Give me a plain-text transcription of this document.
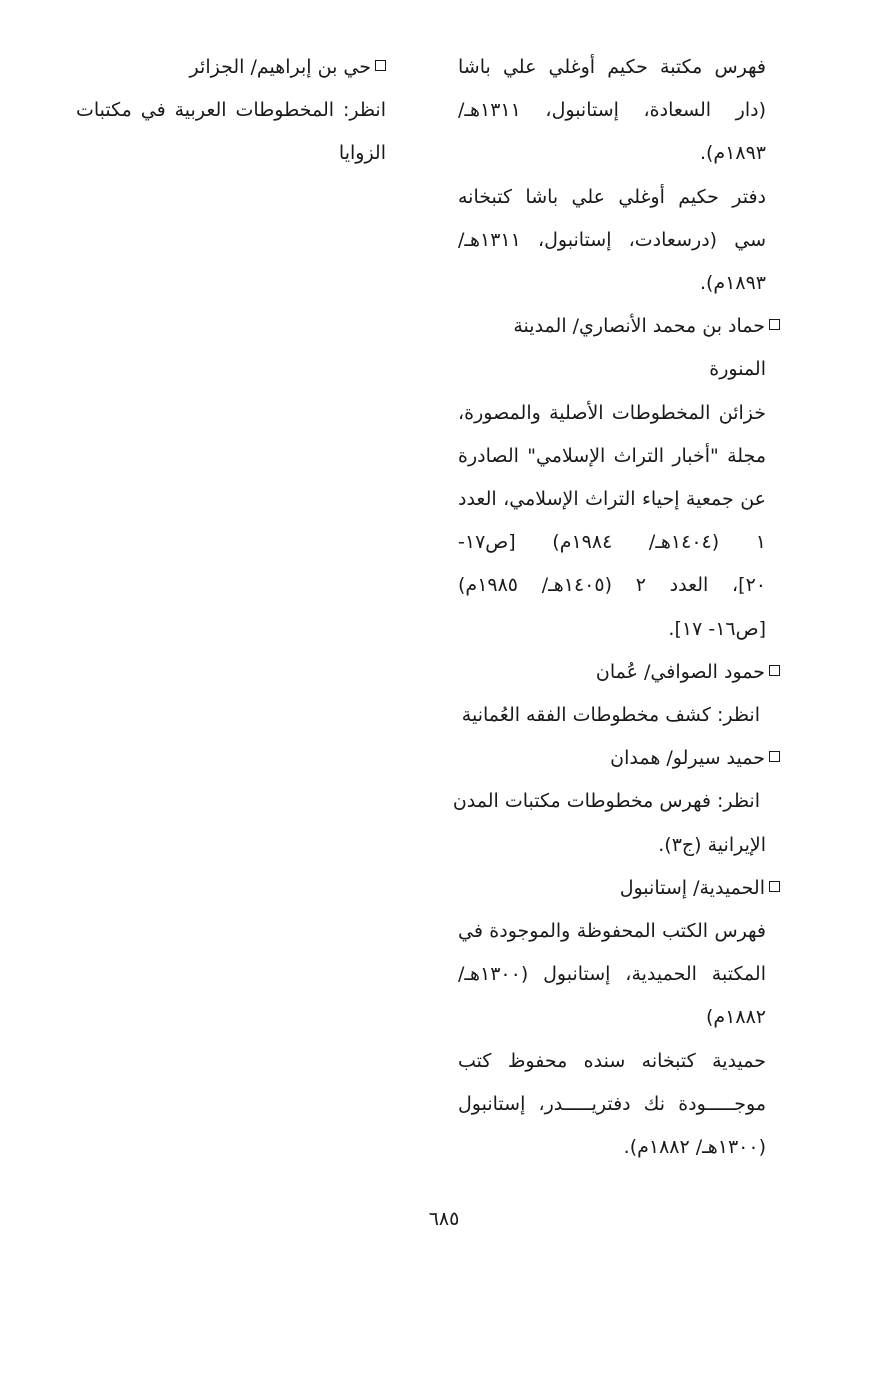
فهرس مكتبة حكيم أوغلي علي باشا
(دار السعادة، إستانبول، ١٣١١هـ/
١٨٩٣م).
دفتر حكيم أوغلي علي باشا كتبخانه
سي (درسعادت، إستانبول، ١٣١١هـ/
١٨٩٣م).
حماد بن محمد الأنصاري/ المدينة
المنورة
خزائن المخطوطات الأصلية والمصورة،
مجلة "أخبار التراث الإسلامي" الصادرة
عن جمعية إحياء التراث الإسلامي، العدد
١ (١٤٠٤هـ/ ١٩٨٤م) [ص١٧-
٢٠]، العدد ٢ (١٤٠٥هـ/ ١٩٨٥م)
[ص١٦- ١٧].
حمود الصوافي/ عُمان
انظر: كشف مخطوطات الفقه العُمانية
حميد سيرلو/ همدان
انظر: فهرس مخطوطات مكتبات المدن
الإيرانية (ج٣).
الحميدية/ إستانبول
فهرس الكتب المحفوظة والموجودة في
المكتبة الحميدية، إستانبول (١٣٠٠هـ/
١٨٨٢م)
حميدية كتبخانه سنده محفوظ كتب
موجـــــودة نك دفتريـــــدر، إستانبول
(١٣٠٠هـ/ ١٨٨٢م).
حي بن إبراهيم/ الجزائر
انظر: المخطوطات العربية في مكتبات
الزوايا
٦٨٥
